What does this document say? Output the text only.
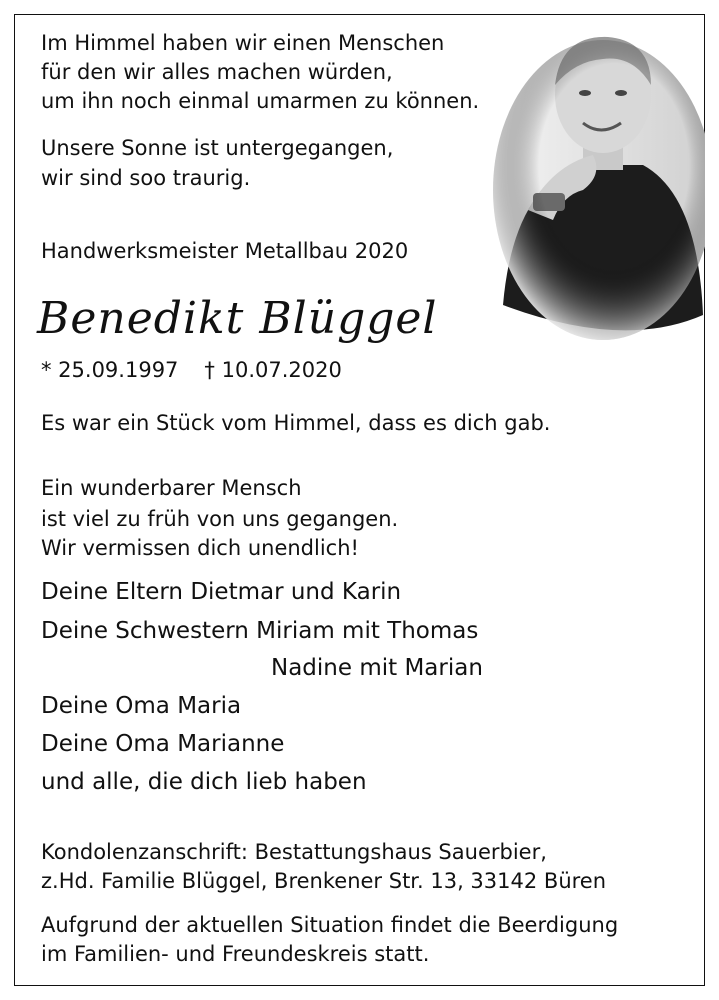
Im Himmel haben wir einen Menschen
für den wir alles machen würden,
um ihn noch einmal umarmen zu können.
Unsere Sonne ist untergegangen,
wir sind soo traurig.
Handwerksmeister Metallbau 2020
Benedikt Blüggel
* 25.09.1997 † 10.07.2020
Es war ein Stück vom Himmel, dass es dich gab.
Ein wunderbarer Mensch
ist viel zu früh von uns gegangen.
Wir vermissen dich unendlich!
Deine Eltern Dietmar und Karin
Deine Schwestern Miriam mit Thomas
Nadine mit Marian
Deine Oma Maria
Deine Oma Marianne
und alle, die dich lieb haben
Kondolenzanschrift: Bestattungshaus Sauerbier,
z.Hd. Familie Blüggel, Brenkener Str. 13, 33142 Büren
Aufgrund der aktuellen Situation findet die Beerdigung
im Familien- und Freundeskreis statt.
